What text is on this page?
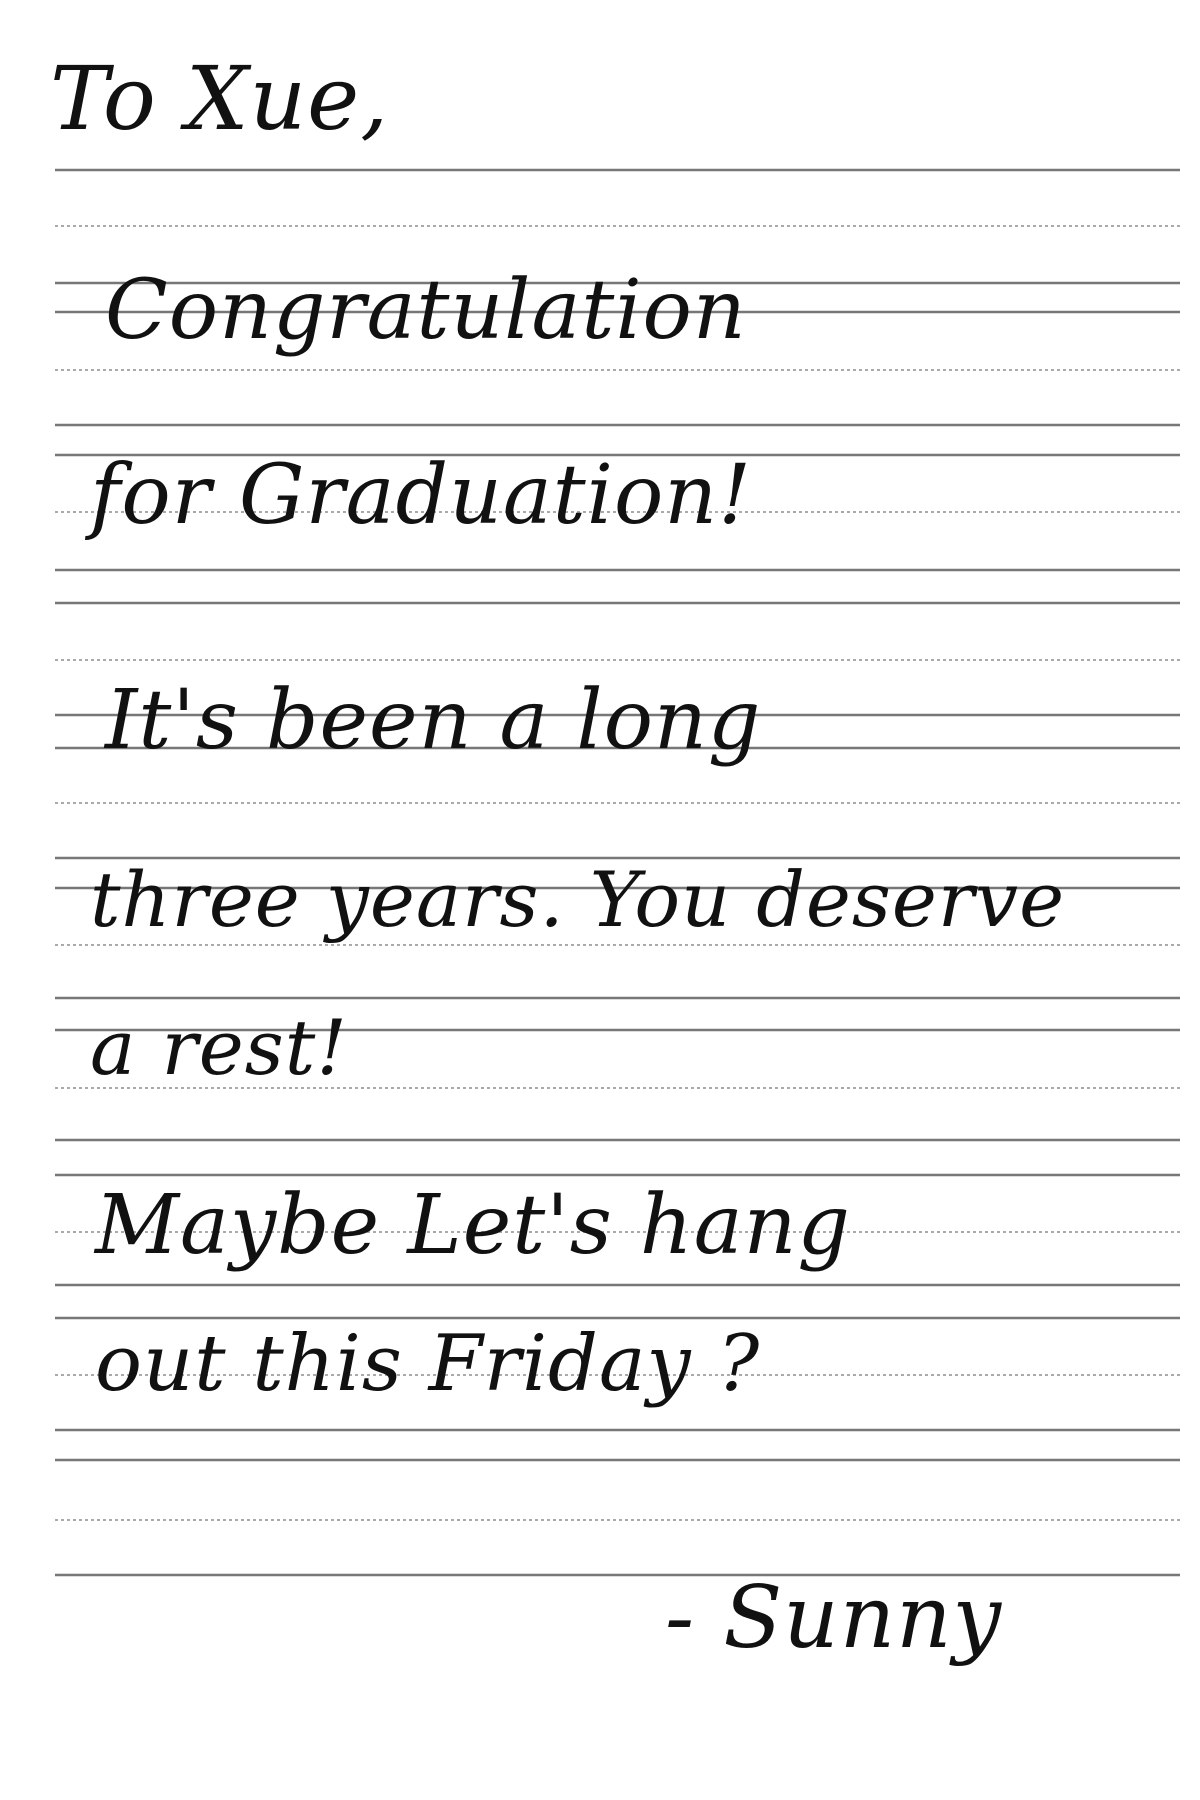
To Xue,
Congratulation
for Graduation!
It's been a long
three years. You deserve
a rest!
Maybe Let's hang
out this Friday ?
- Sunny
